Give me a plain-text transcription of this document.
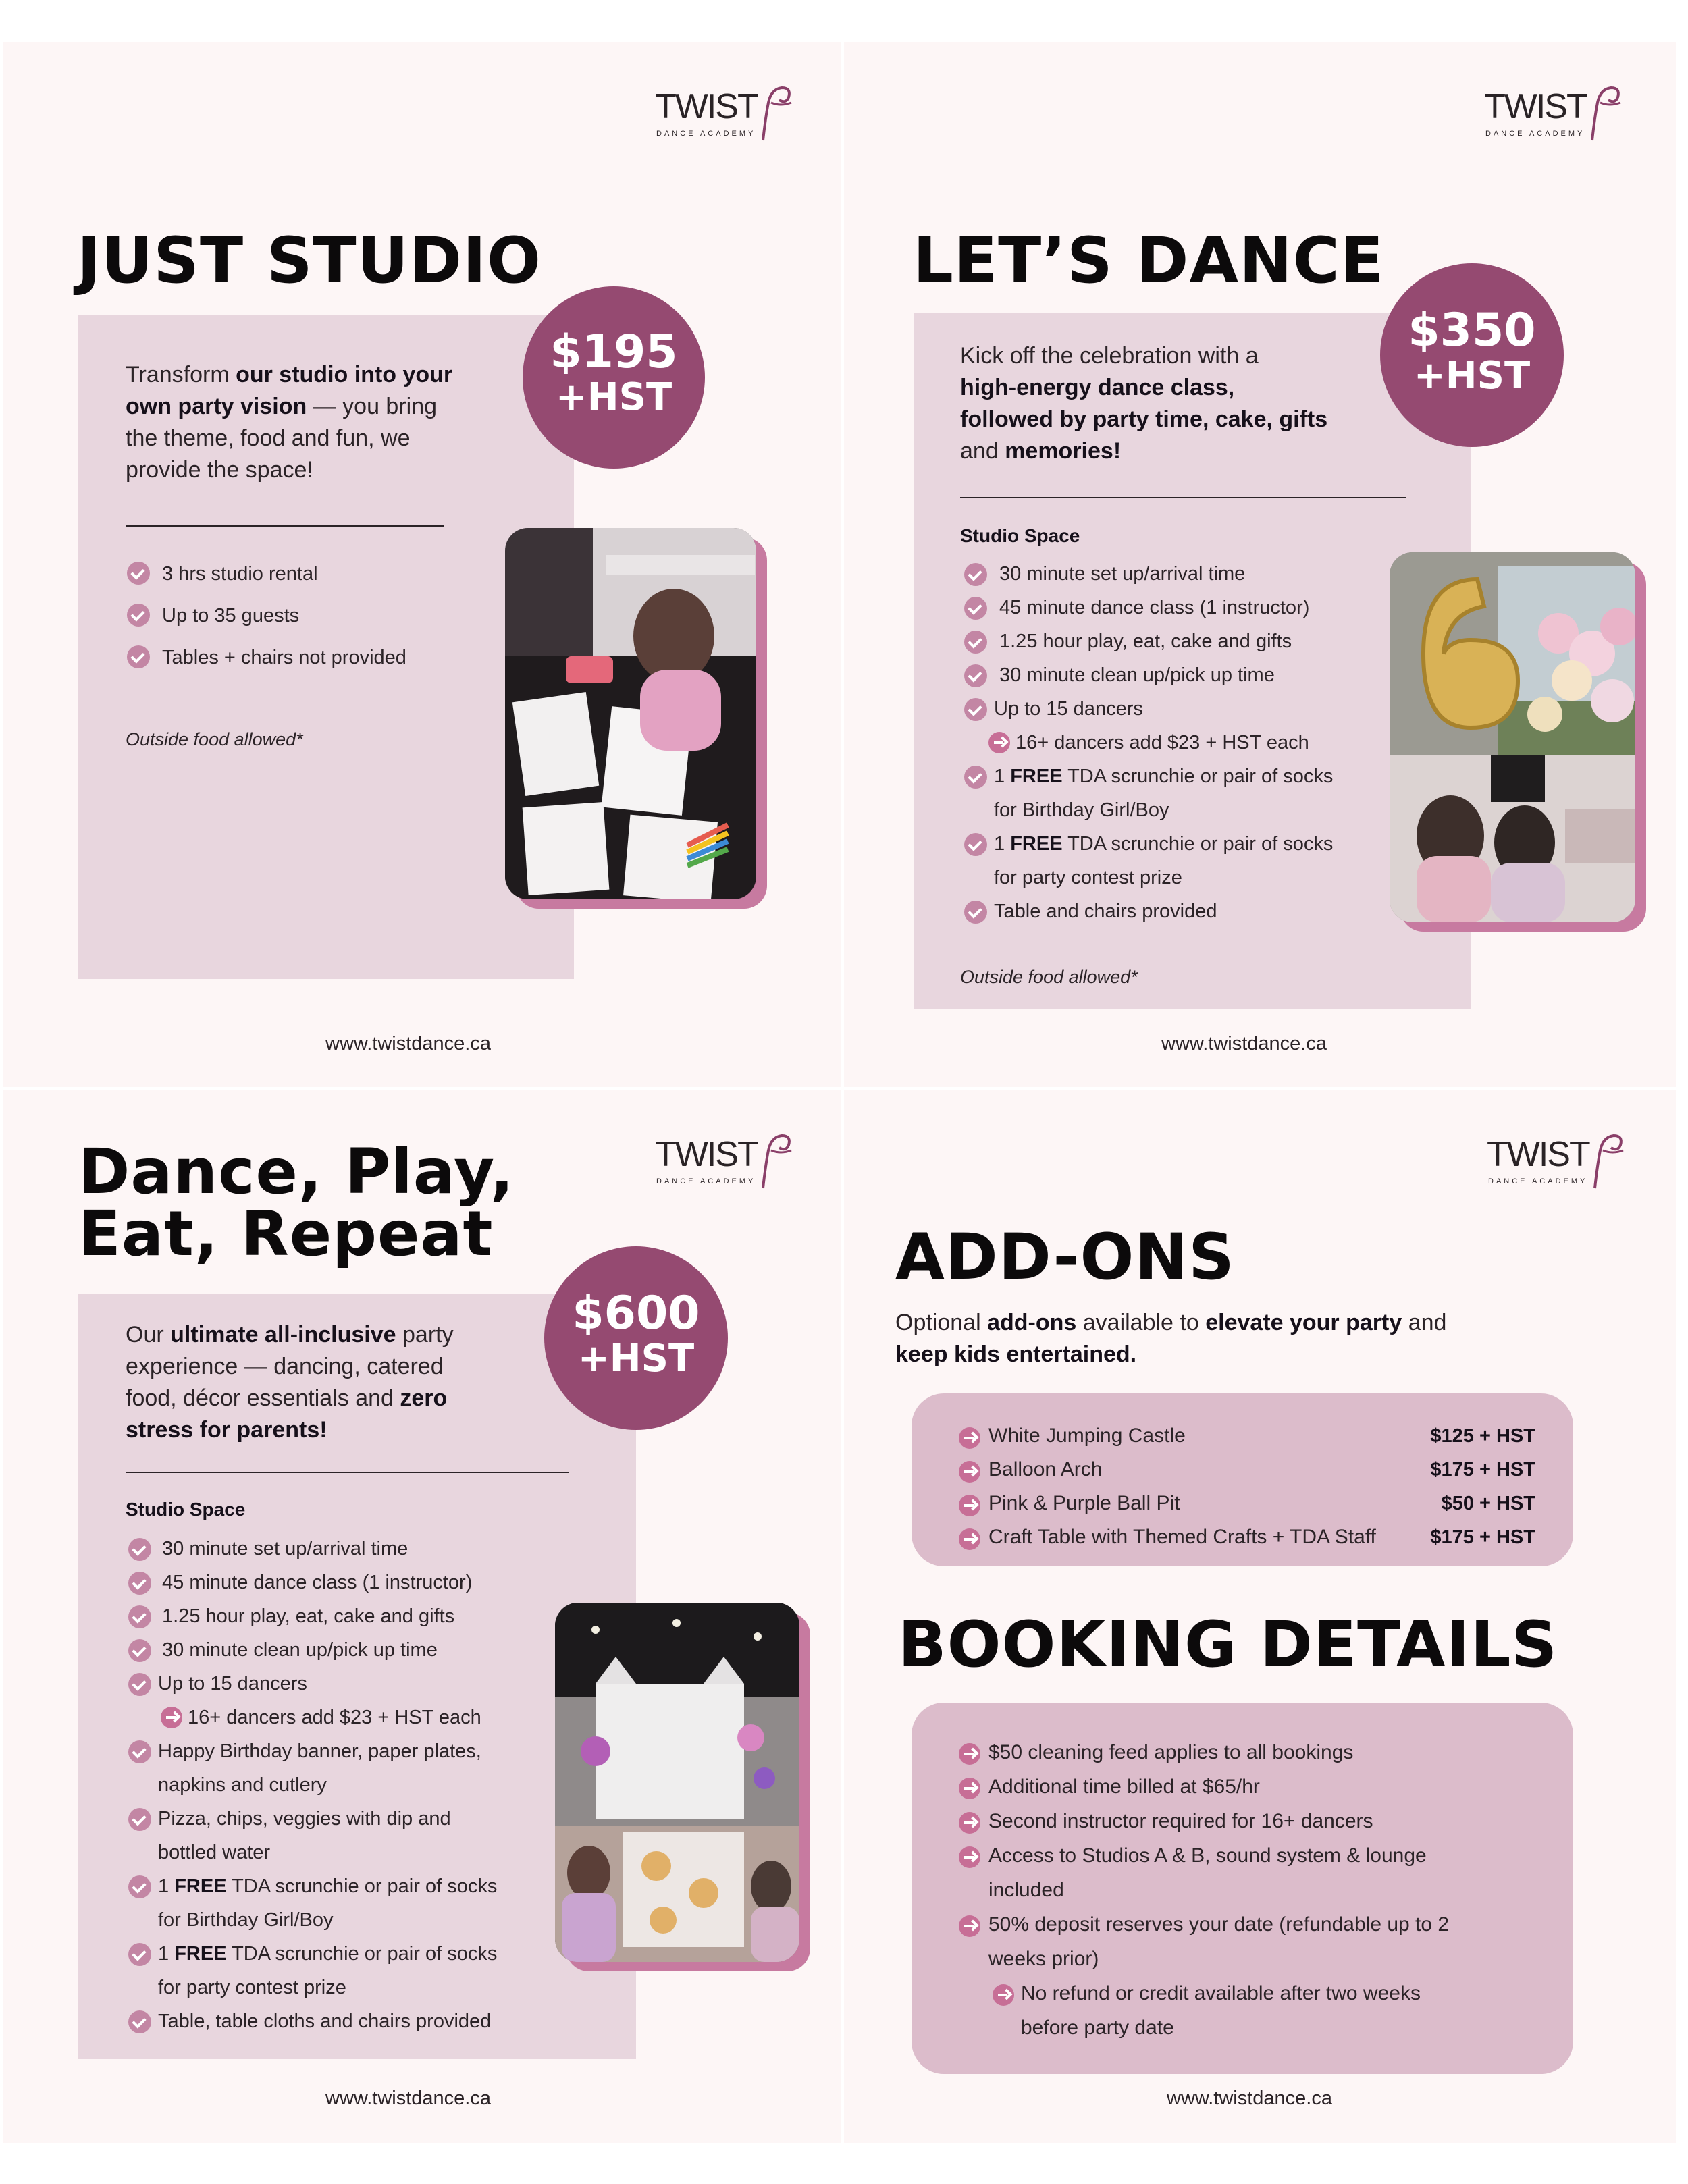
TWIST
DANCE ACADEMY
JUST STUDIO
$195
+HST

Transform our studio into your
own party vision — you bring
the theme, food and fun, we
provide the space!

3 hrs studio rental
Up to 35 guests
Tables + chairs not provided
Outside food allowed*
www.twistdance.ca
TWIST
DANCE ACADEMY
LET’S DANCE
$350
+HST

Kick off the celebration with a
high-energy dance class,
followed by party time, cake, gifts
and memories!

Studio Space
30 minute set up/arrival time
45 minute dance class (1 instructor)
1.25 hour play, eat, cake and gifts
30 minute clean up/pick up time
Up to 15 dancers
16+ dancers add $23 + HST each
1 FREE TDA scrunchie or pair of socks
for Birthday Girl/Boy
1 FREE TDA scrunchie or pair of socks
for party contest prize
Table and chairs provided
Outside food allowed*
www.twistdance.ca
TWIST
DANCE ACADEMY
Dance, Play,
Eat, Repeat
$600
+HST

Our ultimate all-inclusive party
experience — dancing, catered
food, décor essentials and zero
stress for parents!

Studio Space
30 minute set up/arrival time
45 minute dance class (1 instructor)
1.25 hour play, eat, cake and gifts
30 minute clean up/pick up time
Up to 15 dancers
16+ dancers add $23 + HST each
Happy Birthday banner, paper plates,
napkins and cutlery
Pizza, chips, veggies with dip and
bottled water
1 FREE TDA scrunchie or pair of socks
for Birthday Girl/Boy
1 FREE TDA scrunchie or pair of socks
for party contest prize
Table, table cloths and chairs provided
www.twistdance.ca
TWIST
DANCE ACADEMY
ADD-ONS

Optional add-ons available to elevate your party and
keep kids entertained.

White Jumping Castle	$125 + HST
Balloon Arch	$175 + HST
Pink & Purple Ball Pit	$50 + HST
Craft Table with Themed Crafts + TDA Staff	$175 + HST
BOOKING DETAILS
$50 cleaning feed applies to all bookings
Additional time billed at $65/hr
Second instructor required for 16+ dancers
Access to Studios A & B, sound system & lounge
included
50% deposit reserves your date (refundable up to 2
weeks prior)
No refund or credit available after two weeks
before party date
www.twistdance.ca
